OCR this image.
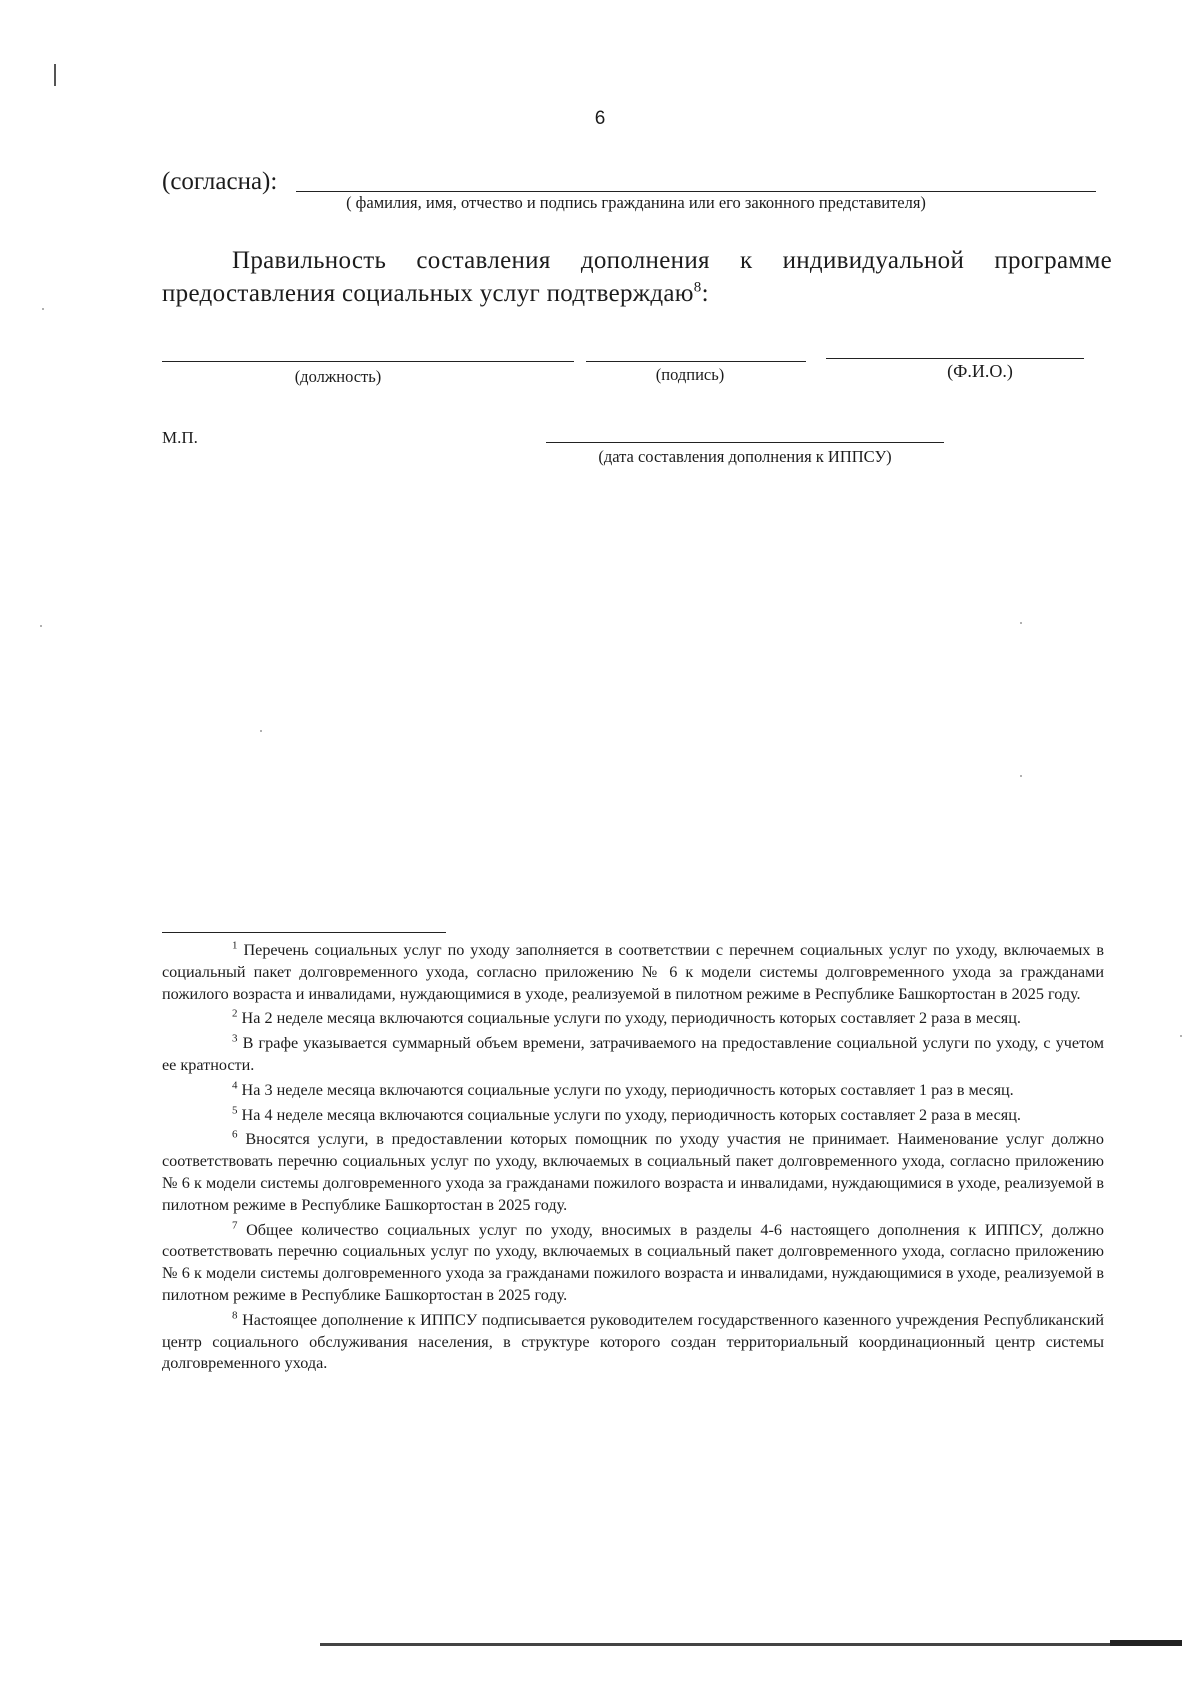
6
(согласна):
( фамилия, имя, отчество и подпись гражданина или его законного представителя)
Правильность составления дополнения к индивидуальной программе предоставления социальных услуг подтверждаю$^8$:
(должность)	(подпись)	(Ф.И.О.)
М.П.
(дата составления дополнения к ИППСУ)

$^1$ Перечень социальных услуг по уходу заполняется в соответствии с перечнем социальных услуг по уходу, включаемых в социальный пакет долговременного ухода, согласно приложению № 6 к модели системы долговременного ухода за гражданами пожилого возраста и инвалидами, нуждающимися в уходе, реализуемой в пилотном режиме в Республике Башкортостан в 2025 году.

$^2$ На 2 неделе месяца включаются социальные услуги по уходу, периодичность которых составляет 2 раза в месяц.

$^3$ В графе указывается суммарный объем времени, затрачиваемого на предоставление социальной услуги по уходу, с учетом ее кратности.

$^4$ На 3 неделе месяца включаются социальные услуги по уходу, периодичность которых составляет 1 раз в месяц.

$^5$ На 4 неделе месяца включаются социальные услуги по уходу, периодичность которых составляет 2 раза в месяц.

$^6$ Вносятся услуги, в предоставлении которых помощник по уходу участия не принимает. Наименование услуг должно соответствовать перечню социальных услуг по уходу, включаемых в социальный пакет долговременного ухода, согласно приложению № 6 к модели системы долговременного ухода за гражданами пожилого возраста и инвалидами, нуждающимися в уходе, реализуемой в пилотном режиме в Республике Башкортостан в 2025 году.

$^7$ Общее количество социальных услуг по уходу, вносимых в разделы 4-6 настоящего дополнения к ИППСУ, должно соответствовать перечню социальных услуг по уходу, включаемых в социальный пакет долговременного ухода, согласно приложению № 6 к модели системы долговременного ухода за гражданами пожилого возраста и инвалидами, нуждающимися в уходе, реализуемой в пилотном режиме в Республике Башкортостан в 2025 году.

$^8$ Настоящее дополнение к ИППСУ подписывается руководителем государственного казенного учреждения Республиканский центр социального обслуживания населения, в структуре которого создан территориальный координационный центр системы долговременного ухода.
